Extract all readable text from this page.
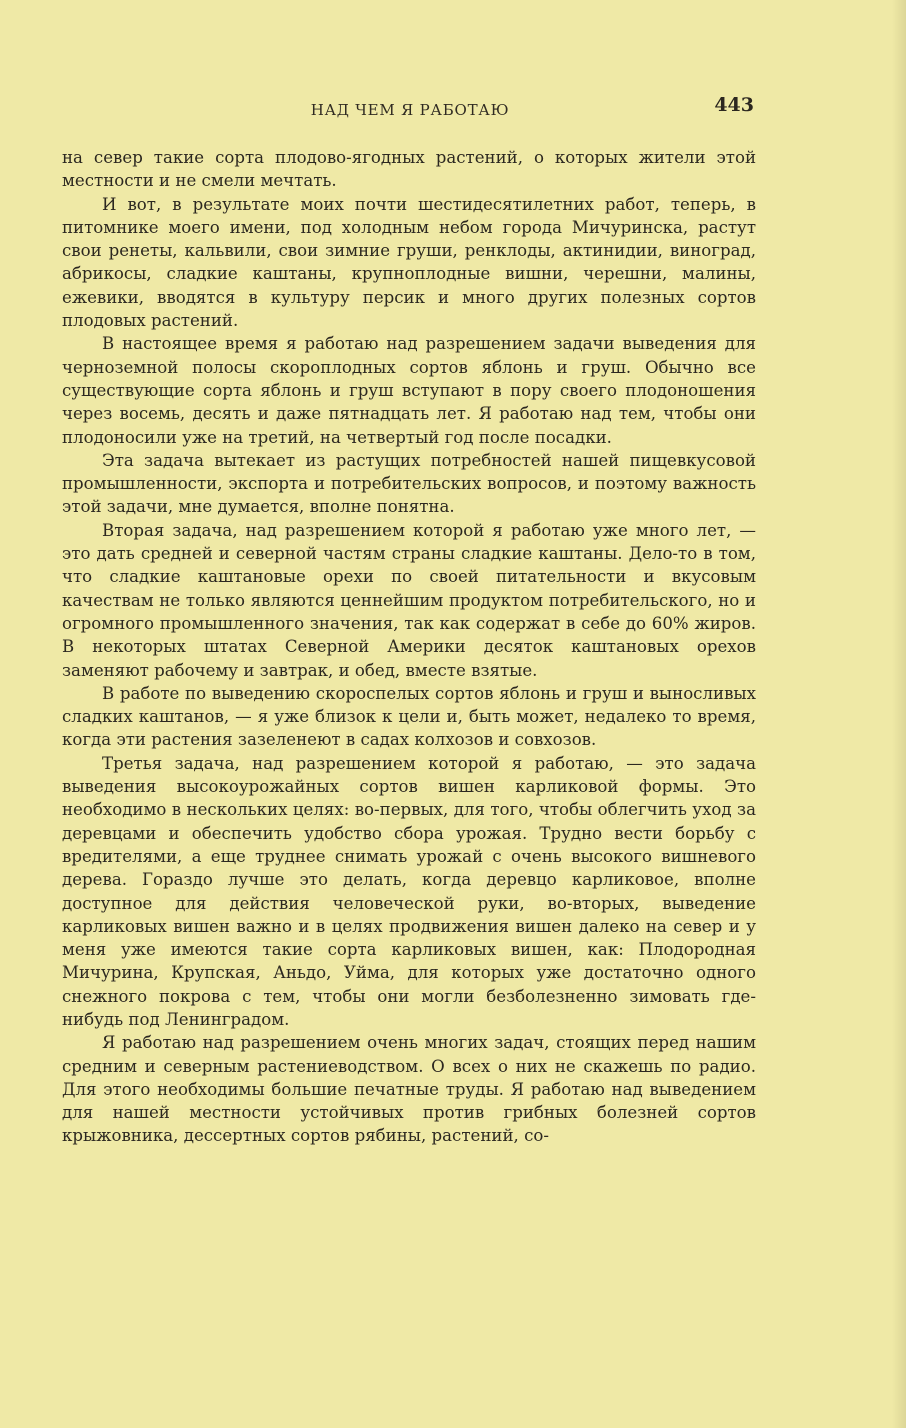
НАД ЧЕМ Я РАБОТАЮ	443

на север такие сорта плодово-ягодных растений, о которых жители этой местности и не смели мечтать.

И вот, в результате моих почти шестидесятилетних работ, теперь, в питомнике моего имени, под холодным небом города Мичуринска, растут свои ренеты, кальвили, свои зимние груши, ренклоды, актинидии, виноград, абрикосы, сладкие каштаны, крупноплодные вишни, черешни, малины, ежевики, вводятся в культуру персик и много других полезных сортов плодовых растений.

В настоящее время я работаю над разрешением задачи выведения для черноземной полосы скороплодных сортов яблонь и груш. Обычно все существующие сорта яблонь и груш вступают в пору своего плодоношения через восемь, десять и даже пятнадцать лет. Я работаю над тем, чтобы они плодоносили уже на третий, на четвертый год после посадки.

Эта задача вытекает из растущих потребностей нашей пищевкусовой промышленности, экспорта и потребительских вопросов, и поэтому важность этой задачи, мне думается, вполне понятна.

Вторая задача, над разрешением которой я работаю уже много лет, — это дать средней и северной частям страны сладкие каштаны. Дело-то в том, что сладкие каштановые орехи по своей питательности и вкусовым качествам не только являются ценнейшим продуктом потребительского, но и огромного промышленного значения, так как содержат в себе до 60% жиров. В некоторых штатах Северной Америки десяток каштановых орехов заменяют рабочему и завтрак, и обед, вместе взятые.

В работе по выведению скороспелых сортов яблонь и груш и выносливых сладких каштанов, — я уже близок к цели и, быть может, недалеко то время, когда эти растения зазеленеют в садах колхозов и совхозов.

Третья задача, над разрешением которой я работаю, — это задача выведения высокоурожайных сортов вишен карликовой формы. Это необходимо в нескольких целях: во-первых, для того, чтобы облегчить уход за деревцами и обеспечить удобство сбора урожая. Трудно вести борьбу с вредителями, а еще труднее снимать урожай с очень высокого вишневого дерева. Гораздо лучше это делать, когда деревцо карликовое, вполне доступное для действия человеческой руки, во-вторых, выведение карликовых вишен важно и в целях продвижения вишен далеко на север и у меня уже имеются такие сорта карликовых вишен, как: Плодородная Мичурина, Крупская, Аньдо, Уйма, для которых уже достаточно одного снежного покрова с тем, чтобы они могли безболезненно зимовать где-нибудь под Ленинградом.

Я работаю над разрешением очень многих задач, стоящих перед нашим средним и северным растениеводством. О всех о них не скажешь по радио. Для этого необходимы большие печатные труды. Я работаю над выведением для нашей местности устойчивых против грибных болезней сортов крыжовника, дессертных сортов рябины, растений, со-
